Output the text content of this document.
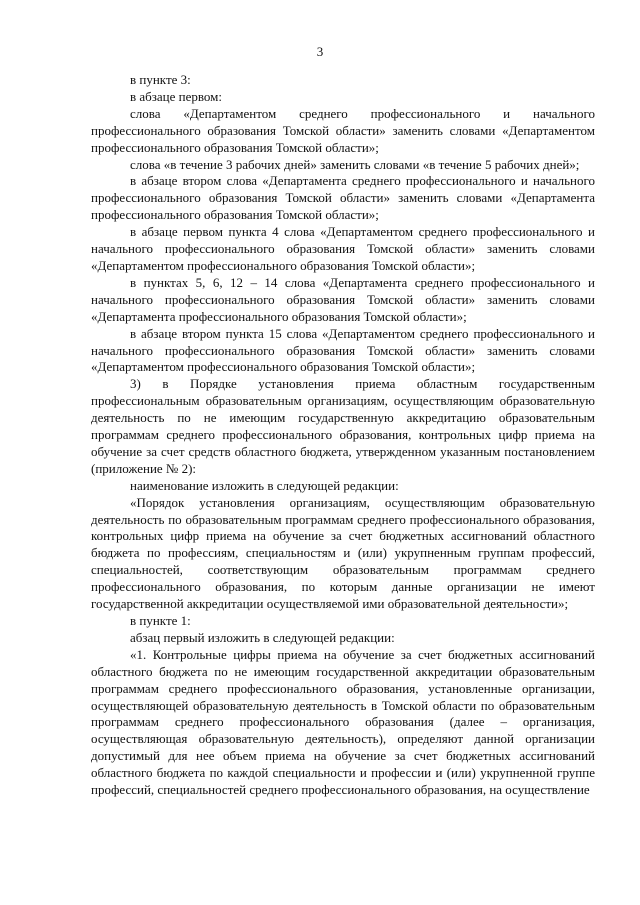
3

в пункте 3:

в абзаце первом:

слова «Департаментом среднего профессионального и начального профессионального образования Томской области» заменить словами «Департаментом профессионального образования Томской области»;

слова «в течение 3 рабочих дней» заменить словами «в течение 5 рабочих дней»;

в абзаце втором слова «Департамента среднего профессионального и начального профессионального образования Томской области» заменить словами «Департамента профессионального образования Томской области»;

в абзаце первом пункта 4 слова «Департаментом среднего профессионального и начального профессионального образования Томской области» заменить словами «Департаментом профессионального образования Томской области»;

в пунктах 5, 6, 12 – 14 слова «Департамента среднего профессионального и начального профессионального образования Томской области» заменить словами «Департамента профессионального образования Томской области»;

в абзаце втором пункта 15 слова «Департаментом среднего профессионального и начального профессионального образования Томской области» заменить словами «Департаментом профессионального образования Томской области»;

3) в Порядке установления приема областным государственным профессиональным образовательным организациям, осуществляющим образовательную деятельность по не имеющим государственную аккредитацию образовательным программам среднего профессионального образования, контрольных цифр приема на обучение за счет средств областного бюджета, утвержденном указанным постановлением (приложение № 2):

наименование изложить в следующей редакции:

«Порядок установления организациям, осуществляющим образовательную деятельность по образовательным программам среднего профессионального образования, контрольных цифр приема на обучение за счет бюджетных ассигнований областного бюджета по профессиям, специальностям и (или) укрупненным группам профессий, специальностей, соответствующим образовательным программам среднего профессионального образования, по которым данные организации не имеют государственной аккредитации осуществляемой ими образовательной деятельности»;

в пункте 1:

абзац первый изложить в следующей редакции:

«1. Контрольные цифры приема на обучение за счет бюджетных ассигнований областного бюджета по не имеющим государственной аккредитации образовательным программам среднего профессионального образования, установленные организации, осуществляющей образовательную деятельность в Томской области по образовательным программам среднего профессионального образования (далее – организация, осуществляющая образовательную деятельность), определяют данной организации допустимый для нее объем приема на обучение за счет бюджетных ассигнований областного бюджета по каждой специальности и профессии и (или) укрупненной группе профессий, специальностей среднего профессионального образования, на осуществление
